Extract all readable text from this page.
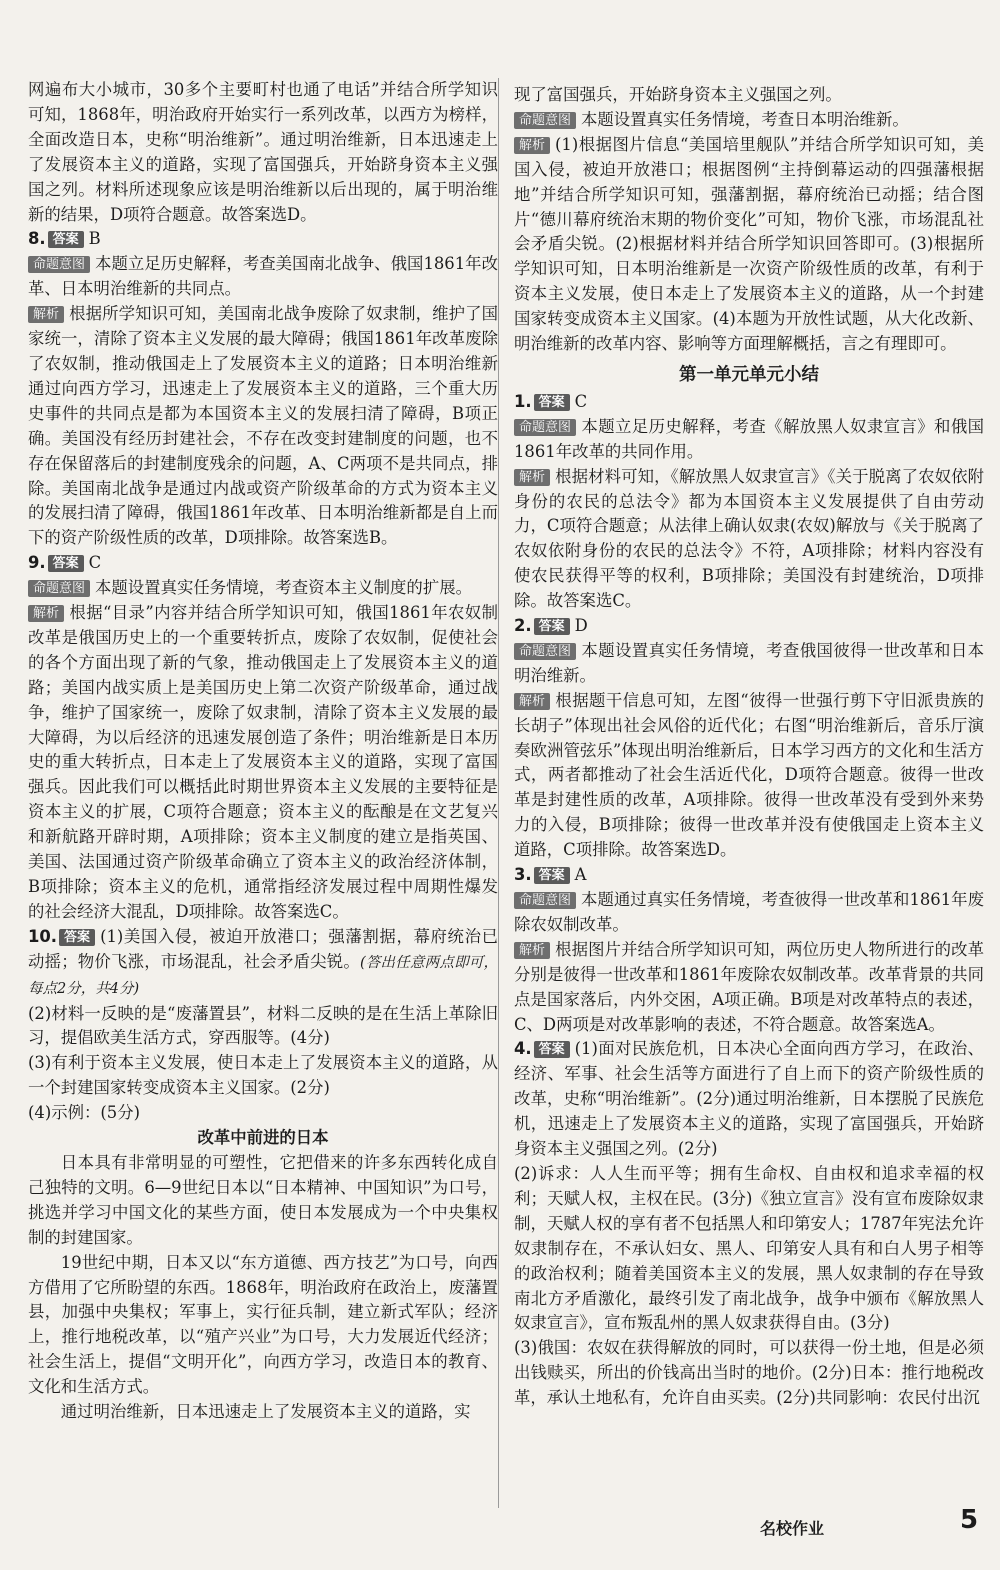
网遍布大小城市，30多个主要町村也通了电话”并结合所学知识可知，1868年，明治政府开始实行一系列改革，以西方为榜样，全面改造日本，史称“明治维新”。通过明治维新，日本迅速走上了发展资本主义的道路，实现了富国强兵，开始跻身资本主义强国之列。材料所述现象应该是明治维新以后出现的，属于明治维新的结果，D项符合题意。故答案选D。

8. 答案 B

命题意图 本题立足历史解释，考查美国南北战争、俄国1861年改革、日本明治维新的共同点。

解析 根据所学知识可知，美国南北战争废除了奴隶制，维护了国家统一，清除了资本主义发展的最大障碍；俄国1861年改革废除了农奴制，推动俄国走上了发展资本主义的道路；日本明治维新通过向西方学习，迅速走上了发展资本主义的道路，三个重大历史事件的共同点是都为本国资本主义的发展扫清了障碍，B项正确。美国没有经历封建社会，不存在改变封建制度的问题，也不存在保留落后的封建制度残余的问题，A、C两项不是共同点，排除。美国南北战争是通过内战或资产阶级革命的方式为资本主义的发展扫清了障碍，俄国1861年改革、日本明治维新都是自上而下的资产阶级性质的改革，D项排除。故答案选B。

9. 答案 C

命题意图 本题设置真实任务情境，考查资本主义制度的扩展。

解析 根据“目录”内容并结合所学知识可知，俄国1861年农奴制改革是俄国历史上的一个重要转折点，废除了农奴制，促使社会的各个方面出现了新的气象，推动俄国走上了发展资本主义的道路；美国内战实质上是美国历史上第二次资产阶级革命，通过战争，维护了国家统一，废除了奴隶制，清除了资本主义发展的最大障碍，为以后经济的迅速发展创造了条件；明治维新是日本历史的重大转折点，日本走上了发展资本主义的道路，实现了富国强兵。因此我们可以概括此时期世界资本主义发展的主要特征是资本主义的扩展，C项符合题意；资本主义的酝酿是在文艺复兴和新航路开辟时期，A项排除；资本主义制度的建立是指英国、美国、法国通过资产阶级革命确立了资本主义的政治经济体制，B项排除；资本主义的危机，通常指经济发展过程中周期性爆发的社会经济大混乱，D项排除。故答案选C。

10. 答案 (1)美国入侵，被迫开放港口；强藩割据，幕府统治已动摇；物价飞涨，市场混乱，社会矛盾尖锐。(答出任意两点即可，每点2分，共4分)

(2)材料一反映的是“废藩置县”，材料二反映的是在生活上革除旧习，提倡欧美生活方式，穿西服等。(4分)

(3)有利于资本主义发展，使日本走上了发展资本主义的道路，从一个封建国家转变成资本主义国家。(2分)

(4)示例：(5分)

改革中前进的日本

日本具有非常明显的可塑性，它把借来的许多东西转化成自己独特的文明。6—9世纪日本以“日本精神、中国知识”为口号，挑选并学习中国文化的某些方面，使日本发展成为一个中央集权制的封建国家。

19世纪中期，日本又以“东方道德、西方技艺”为口号，向西方借用了它所盼望的东西。1868年，明治政府在政治上，废藩置县，加强中央集权；军事上，实行征兵制，建立新式军队；经济上，推行地税改革，以“殖产兴业”为口号，大力发展近代经济；社会生活上，提倡“文明开化”，向西方学习，改造日本的教育、文化和生活方式。

通过明治维新，日本迅速走上了发展资本主义的道路，实

现了富国强兵，开始跻身资本主义强国之列。

命题意图 本题设置真实任务情境，考查日本明治维新。

解析 (1)根据图片信息“美国培里舰队”并结合所学知识可知，美国入侵，被迫开放港口；根据图例“主持倒幕运动的四强藩根据地”并结合所学知识可知，强藩割据，幕府统治已动摇；结合图片“德川幕府统治末期的物价变化”可知，物价飞涨，市场混乱社会矛盾尖锐。(2)根据材料并结合所学知识回答即可。(3)根据所学知识可知，日本明治维新是一次资产阶级性质的改革，有利于资本主义发展，使日本走上了发展资本主义的道路，从一个封建国家转变成资本主义国家。(4)本题为开放性试题，从大化改新、明治维新的改革内容、影响等方面理解概括，言之有理即可。

第一单元单元小结

1. 答案 C

命题意图 本题立足历史解释，考查《解放黑人奴隶宣言》和俄国1861年改革的共同作用。

解析 根据材料可知，《解放黑人奴隶宣言》《关于脱离了农奴依附身份的农民的总法令》都为本国资本主义发展提供了自由劳动力，C项符合题意；从法律上确认奴隶(农奴)解放与《关于脱离了农奴依附身份的农民的总法令》不符，A项排除；材料内容没有使农民获得平等的权利，B项排除；美国没有封建统治，D项排除。故答案选C。

2. 答案 D

命题意图 本题设置真实任务情境，考查俄国彼得一世改革和日本明治维新。

解析 根据题干信息可知，左图“彼得一世强行剪下守旧派贵族的长胡子”体现出社会风俗的近代化；右图“明治维新后，音乐厅演奏欧洲管弦乐”体现出明治维新后，日本学习西方的文化和生活方式，两者都推动了社会生活近代化，D项符合题意。彼得一世改革是封建性质的改革，A项排除。彼得一世改革没有受到外来势力的入侵，B项排除；彼得一世改革并没有使俄国走上资本主义道路，C项排除。故答案选D。

3. 答案 A

命题意图 本题通过真实任务情境，考查彼得一世改革和1861年废除农奴制改革。

解析 根据图片并结合所学知识可知，两位历史人物所进行的改革分别是彼得一世改革和1861年废除农奴制改革。改革背景的共同点是国家落后，内外交困，A项正确。B项是对改革特点的表述，C、D两项是对改革影响的表述，不符合题意。故答案选A。

4. 答案 (1)面对民族危机，日本决心全面向西方学习，在政治、经济、军事、社会生活等方面进行了自上而下的资产阶级性质的改革，史称“明治维新”。(2分)通过明治维新，日本摆脱了民族危机，迅速走上了发展资本主义的道路，实现了富国强兵，开始跻身资本主义强国之列。(2分)

(2)诉求：人人生而平等；拥有生命权、自由权和追求幸福的权利；天赋人权，主权在民。(3分)《独立宣言》没有宣布废除奴隶制，天赋人权的享有者不包括黑人和印第安人；1787年宪法允许奴隶制存在，不承认妇女、黑人、印第安人具有和白人男子相等的政治权利；随着美国资本主义的发展，黑人奴隶制的存在导致南北方矛盾激化，最终引发了南北战争，战争中颁布《解放黑人奴隶宣言》，宣布叛乱州的黑人奴隶获得自由。(3分)

(3)俄国：农奴在获得解放的同时，可以获得一份土地，但是必须出钱赎买，所出的价钱高出当时的地价。(2分)日本：推行地税改革，承认土地私有，允许自由买卖。(2分)共同影响：农民付出沉

名校作业	5
